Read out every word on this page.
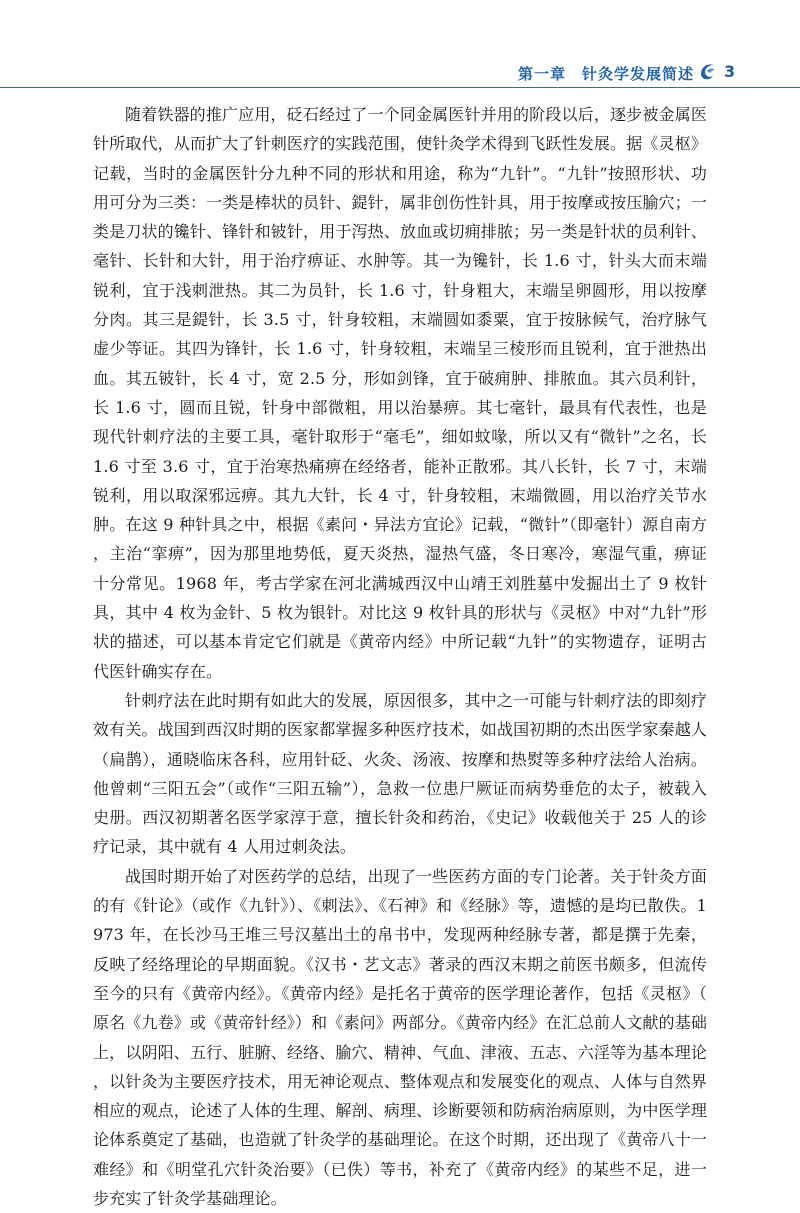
第一章　针灸学发展简述 3

随着铁器的推广应用，砭石经过了一个同金属医针并用的阶段以后，逐步被金属医针所取代，从而扩大了针刺医疗的实践范围，使针灸学术得到飞跃性发展。据《灵枢》记载，当时的金属医针分九种不同的形状和用途，称为“九针”。“九针”按照形状、功用可分为三类：一类是棒状的员针、鍉针，属非创伤性针具，用于按摩或按压腧穴；一类是刀状的镵针、锋针和铍针，用于泻热、放血或切痈排脓；另一类是针状的员利针、毫针、长针和大针，用于治疗痹证、水肿等。其一为镵针，长 1.6 寸，针头大而末端锐利，宜于浅刺泄热。其二为员针，长 1.6 寸，针身粗大，末端呈卵圆形，用以按摩分肉。其三是鍉针，长 3.5 寸，针身较粗，末端圆如黍粟，宜于按脉候气，治疗脉气虚少等证。其四为锋针，长 1.6 寸，针身较粗，末端呈三棱形而且锐利，宜于泄热出血。其五铍针，长 4 寸，宽 2.5 分，形如剑锋，宜于破痈肿、排脓血。其六员利针，长 1.6 寸，圆而且锐，针身中部微粗，用以治暴痹。其七毫针，最具有代表性，也是现代针刺疗法的主要工具，毫针取形于“毫毛”，细如蚊喙，所以又有“微针”之名，长 1.6 寸至 3.6 寸，宜于治寒热痛痹在经络者，能补正散邪。其八长针，长 7 寸，末端锐利，用以取深邪远痹。其九大针，长 4 寸，针身较粗，末端微圆，用以治疗关节水肿。在这 9 种针具之中，根据《素问・异法方宜论》记载，“微针”（即毫针）源自南方，主治“挛痹”，因为那里地势低，夏天炎热，湿热气盛，冬日寒冷，寒湿气重，痹证十分常见。1968 年，考古学家在河北满城西汉中山靖王刘胜墓中发掘出土了 9 枚针具，其中 4 枚为金针、5 枚为银针。对比这 9 枚针具的形状与《灵枢》中对“九针”形状的描述，可以基本肯定它们就是《黄帝内经》中所记载“九针”的实物遗存，证明古代医针确实存在。

针刺疗法在此时期有如此大的发展，原因很多，其中之一可能与针刺疗法的即刻疗效有关。战国到西汉时期的医家都掌握多种医疗技术，如战国初期的杰出医学家秦越人（扁鹊），通晓临床各科，应用针砭、火灸、汤液、按摩和热熨等多种疗法给人治病。他曾刺“三阳五会”（或作“三阳五输”），急救一位患尸厥证而病势垂危的太子，被载入史册。西汉初期著名医学家淳于意，擅长针灸和药治，《史记》收载他关于 25 人的诊疗记录，其中就有 4 人用过刺灸法。

战国时期开始了对医药学的总结，出现了一些医药方面的专门论著。关于针灸方面的有《针论》（或作《九针》）、《刺法》、《石神》和《经脉》等，遗憾的是均已散佚。1973 年，在长沙马王堆三号汉墓出土的帛书中，发现两种经脉专著，都是撰于先秦，反映了经络理论的早期面貌。《汉书・艺文志》著录的西汉末期之前医书颇多，但流传至今的只有《黄帝内经》。《黄帝内经》是托名于黄帝的医学理论著作，包括《灵枢》（原名《九卷》或《黄帝针经》）和《素问》两部分。《黄帝内经》在汇总前人文献的基础上，以阴阳、五行、脏腑、经络、腧穴、精神、气血、津液、五志、六淫等为基本理论，以针灸为主要医疗技术，用无神论观点、整体观点和发展变化的观点、人体与自然界相应的观点，论述了人体的生理、解剖、病理、诊断要领和防病治病原则，为中医学理论体系奠定了基础，也造就了针灸学的基础理论。在这个时期，还出现了《黄帝八十一难经》和《明堂孔穴针灸治要》（已佚）等书，补充了《黄帝内经》的某些不足，进一步充实了针灸学基础理论。
